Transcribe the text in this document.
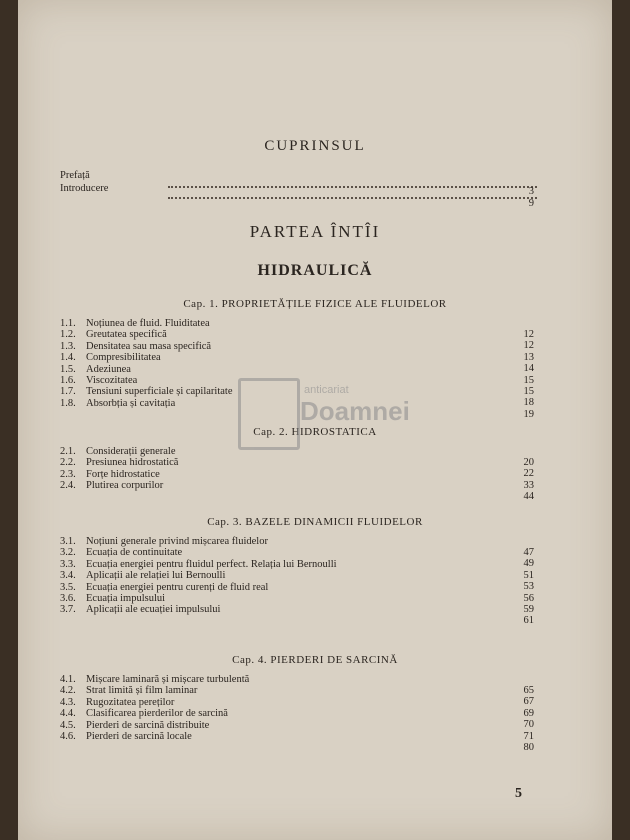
CUPRINSUL
Prefață
Introducere	3
9
PARTEA ÎNTÎI
HIDRAULICĂ
Cap. 1. PROPRIETĂȚILE FIZICE ALE FLUIDELOR
1.1. Noțiunea de fluid. Fluiditatea
12
1.2. Greutatea specifică
12
1.3. Densitatea sau masa specifică
13
1.4. Compresibilitatea
14
1.5. Adeziunea
15
1.6. Viscozitatea
15
1.7. Tensiuni superficiale și capilaritate
18
1.8. Absorbția și cavitația
19
Cap. 2. HIDROSTATICA
2.1. Considerații generale
20
2.2. Presiunea hidrostatică
22
2.3. Forțe hidrostatice
33
2.4. Plutirea corpurilor
44
Cap. 3. BAZELE DINAMICII FLUIDELOR
3.1. Noțiuni generale privind mișcarea fluidelor
47
3.2. Ecuația de continuitate
49
3.3. Ecuația energiei pentru fluidul perfect. Relația lui Bernoulli
51
3.4. Aplicații ale relației lui Bernoulli
53
3.5. Ecuația energiei pentru curenți de fluid real
56
3.6. Ecuația impulsului
59
3.7. Aplicații ale ecuației impulsului
61
Cap. 4. PIERDERI DE SARCINĂ
4.1. Mișcare laminară și mișcare turbulentă
65
4.2. Strat limită și film laminar
67
4.3. Rugozitatea pereților
69
4.4. Clasificarea pierderilor de sarcină
70
4.5. Pierderi de sarcină distribuite
71
4.6. Pierderi de sarcină locale
80
anticariat
Doamnei
5
